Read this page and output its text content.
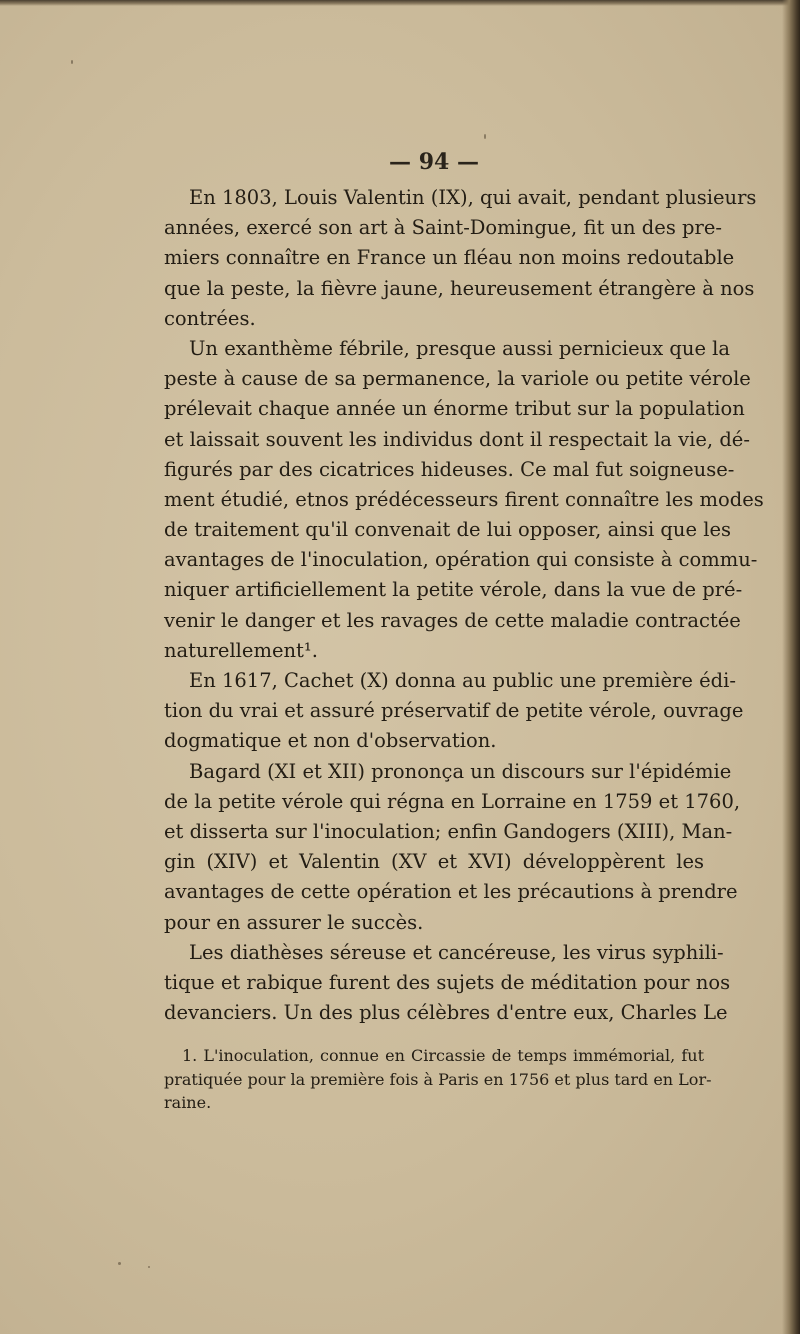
— 94 —
En 1803, Louis Valentin (IX), qui avait, pendant plusieurs
années, exercé son art à Saint-Domingue, fit un des pre-
miers connaître en France un fléau non moins redoutable
que la peste, la fièvre jaune, heureusement étrangère à nos
contrées.
Un exanthème fébrile, presque aussi pernicieux que la
peste à cause de sa permanence, la variole ou petite vérole
prélevait chaque année un énorme tribut sur la population
et laissait souvent les individus dont il respectait la vie, dé-
figurés par des cicatrices hideuses. Ce mal fut soigneuse-
ment étudié, etnos prédécesseurs firent connaître les modes
de traitement qu'il convenait de lui opposer, ainsi que les
avantages de l'inoculation, opération qui consiste à commu-
niquer artificiellement la petite vérole, dans la vue de pré-
venir le danger et les ravages de cette maladie contractée
naturellement¹.
En 1617, Cachet (X) donna au public une première édi-
tion du vrai et assuré préservatif de petite vérole, ouvrage
dogmatique et non d'observation.
Bagard (XI et XII) prononça un discours sur l'épidémie
de la petite vérole qui régna en Lorraine en 1759 et 1760,
et disserta sur l'inoculation; enfin Gandogers (XIII), Man-
gin (XIV) et Valentin (XV et XVI) développèrent les
avantages de cette opération et les précautions à prendre
pour en assurer le succès.
Les diathèses séreuse et cancéreuse, les virus syphili-
tique et rabique furent des sujets de méditation pour nos
devanciers. Un des plus célèbres d'entre eux, Charles Le
1. L'inoculation, connue en Circassie de temps immémorial, fut
pratiquée pour la première fois à Paris en 1756 et plus tard en Lor-
raine.
